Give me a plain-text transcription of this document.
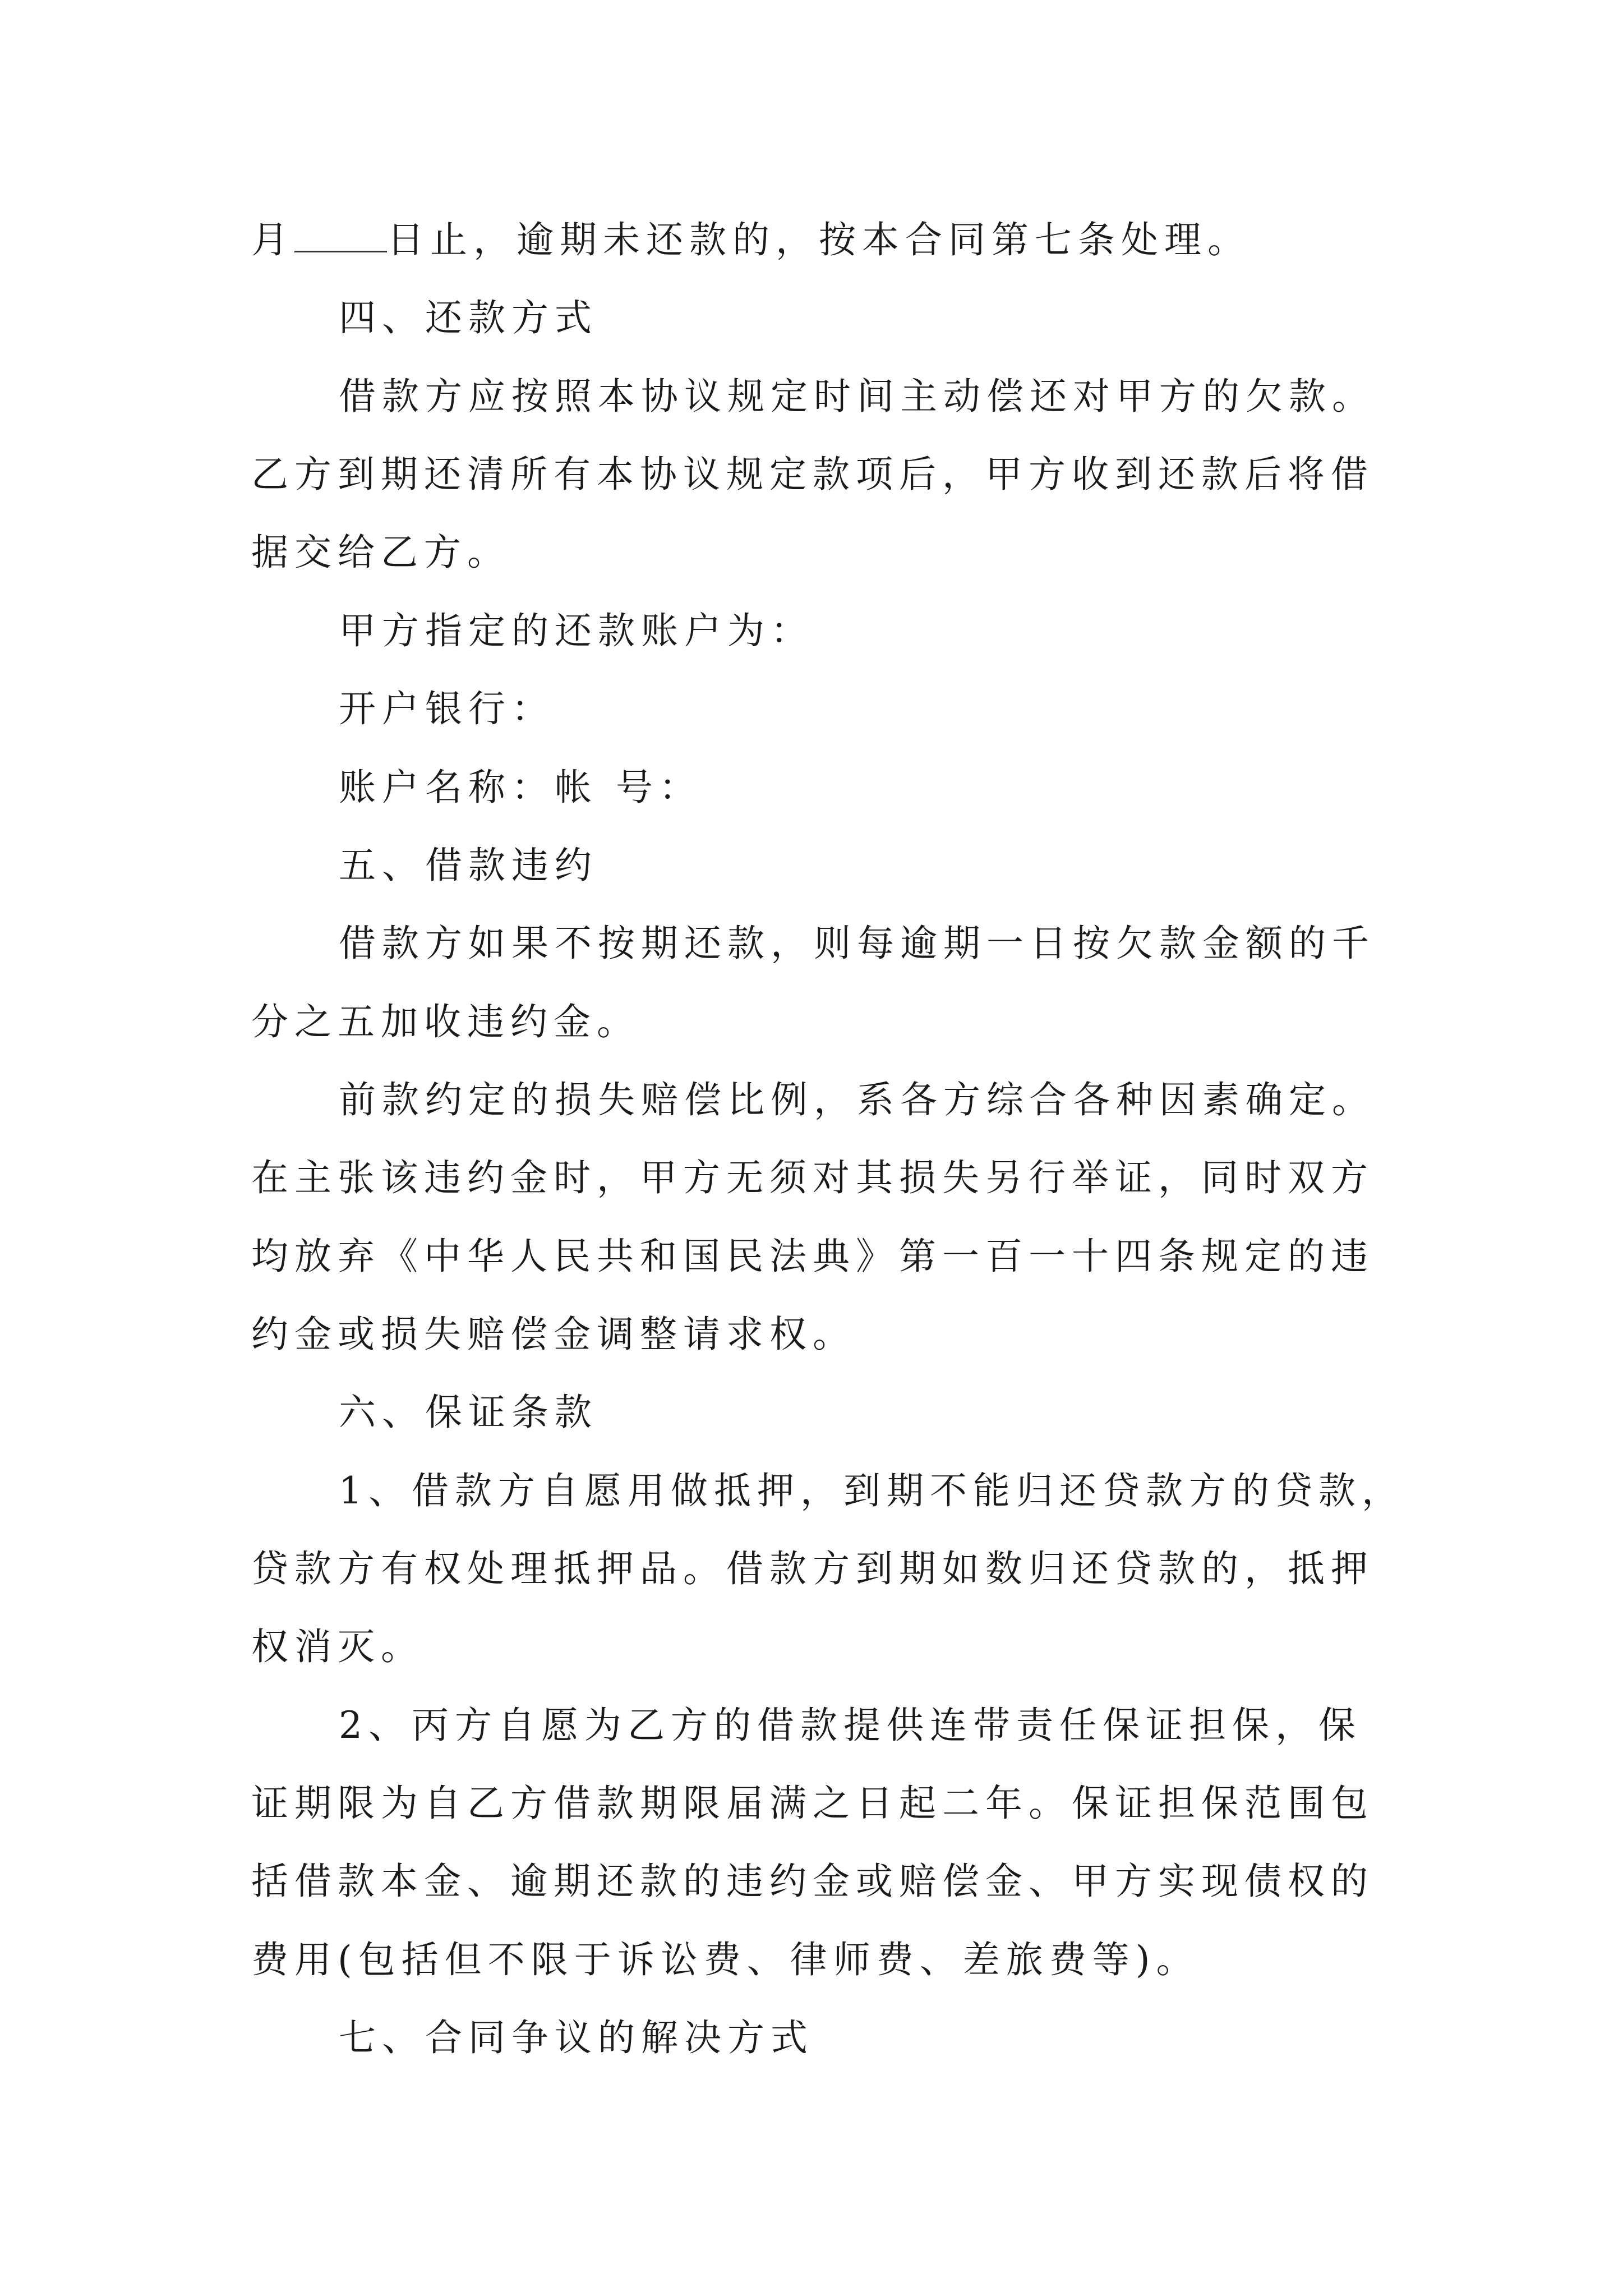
月	日止，逾期未还款的，按本合同第七条处理。
四、还款方式
借款方应按照本协议规定时间主动偿还对甲方的欠款。
乙方到期还清所有本协议规定款项后，甲方收到还款后将借
据交给乙方。
甲方指定的还款账户为：
开户银行：
账户名称：帐 号：
五、借款违约
借款方如果不按期还款，则每逾期一日按欠款金额的千
分之五加收违约金。
前款约定的损失赔偿比例，系各方综合各种因素确定。
在主张该违约金时，甲方无须对其损失另行举证，同时双方
均放弃《中华人民共和国民法典》第一百一十四条规定的违
约金或损失赔偿金调整请求权。
六、保证条款
1、借款方自愿用做抵押，到期不能归还贷款方的贷款，
贷款方有权处理抵押品。借款方到期如数归还贷款的，抵押
权消灭。
2、丙方自愿为乙方的借款提供连带责任保证担保，保
证期限为自乙方借款期限届满之日起二年。保证担保范围包
括借款本金、逾期还款的违约金或赔偿金、甲方实现债权的
费用(包括但不限于诉讼费、律师费、差旅费等)。
七、合同争议的解决方式
